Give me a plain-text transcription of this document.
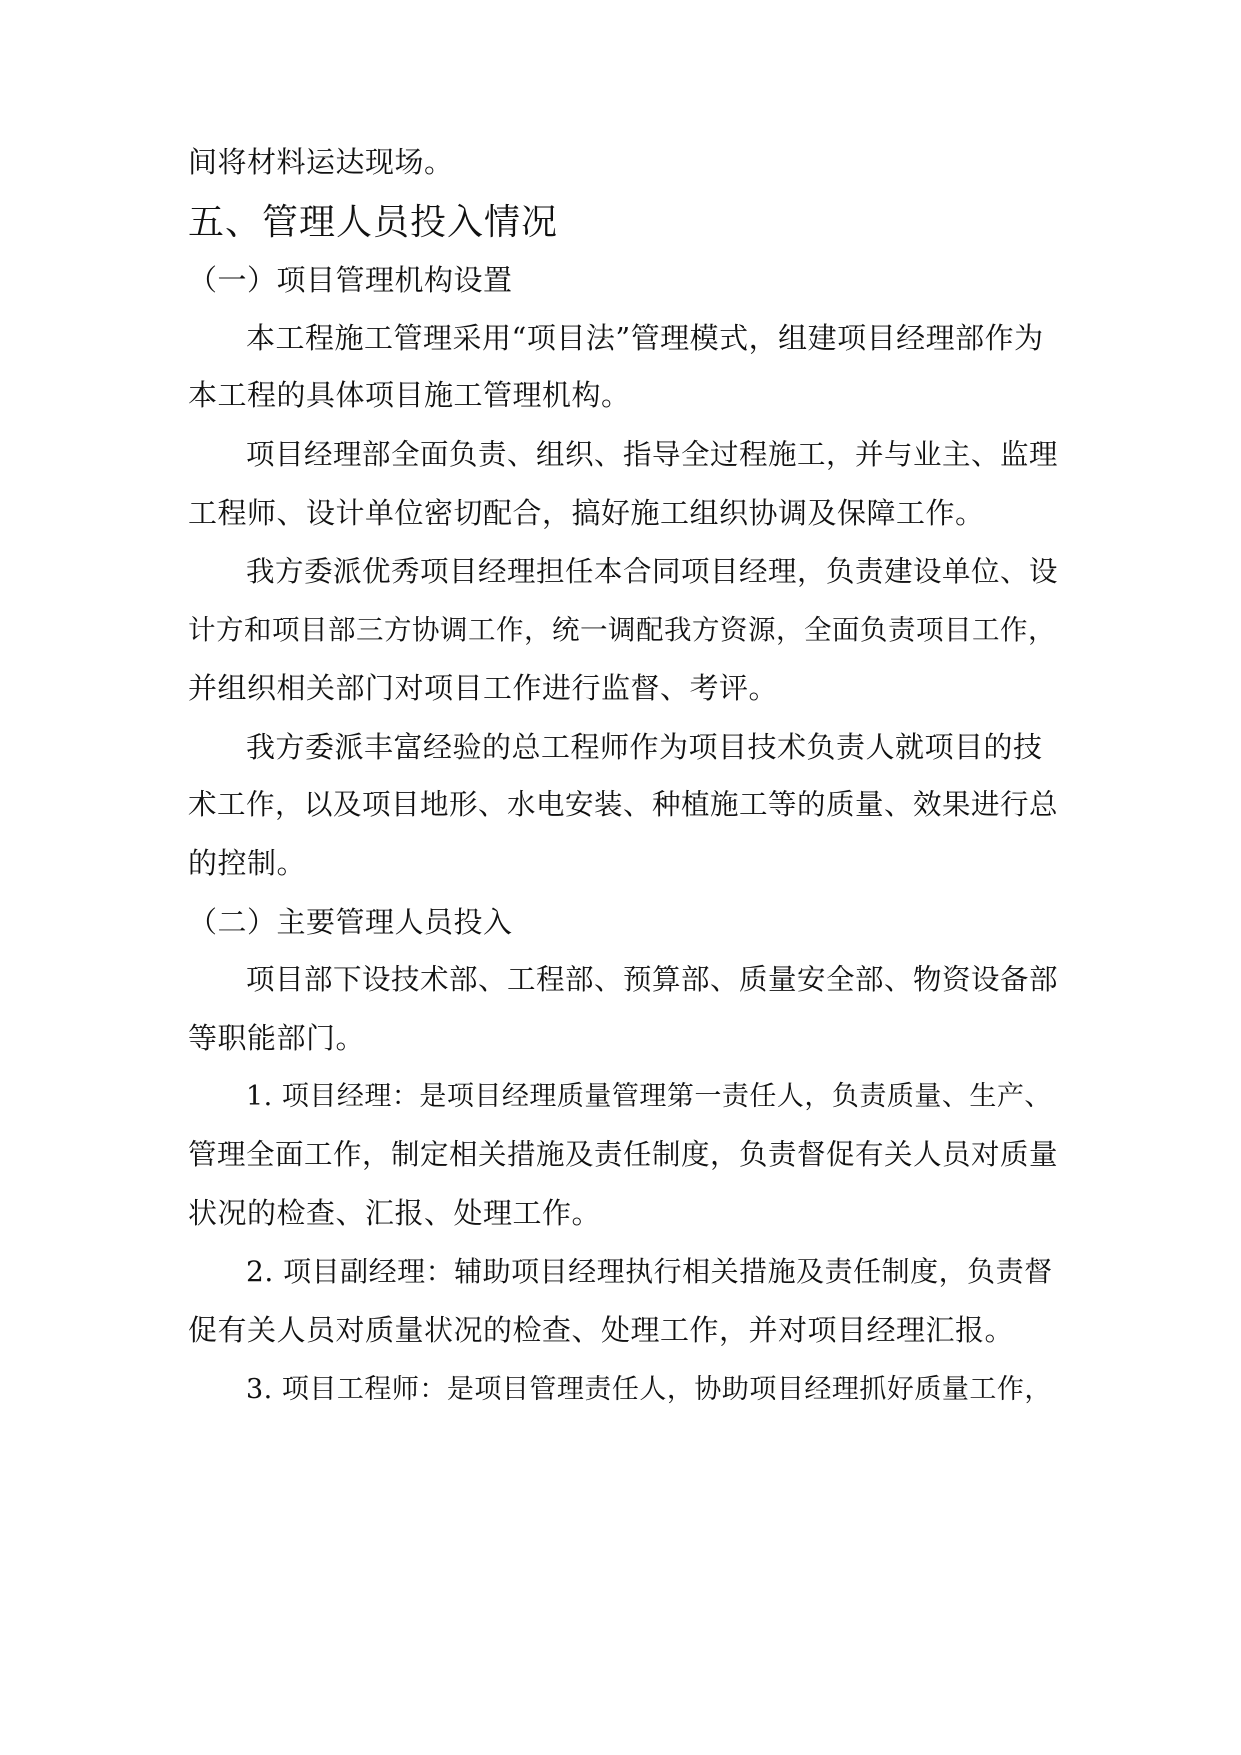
间将材料运达现场。
五、管理人员投入情况
（一）项目管理机构设置
本工程施工管理采用“项目法”管理模式，组建项目经理部作为
本工程的具体项目施工管理机构。
项目经理部全面负责、组织、指导全过程施工，并与业主、监理
工程师、设计单位密切配合，搞好施工组织协调及保障工作。
我方委派优秀项目经理担任本合同项目经理，负责建设单位、设
计方和项目部三方协调工作，统一调配我方资源，全面负责项目工作，
并组织相关部门对项目工作进行监督、考评。
我方委派丰富经验的总工程师作为项目技术负责人就项目的技
术工作，以及项目地形、水电安装、种植施工等的质量、效果进行总
的控制。
（二）主要管理人员投入
项目部下设技术部、工程部、预算部、质量安全部、物资设备部
等职能部门。
1. 项目经理：是项目经理质量管理第一责任人，负责质量、生产、
管理全面工作，制定相关措施及责任制度，负责督促有关人员对质量
状况的检查、汇报、处理工作。
2. 项目副经理：辅助项目经理执行相关措施及责任制度，负责督
促有关人员对质量状况的检查、处理工作，并对项目经理汇报。
3. 项目工程师：是项目管理责任人，协助项目经理抓好质量工作，
